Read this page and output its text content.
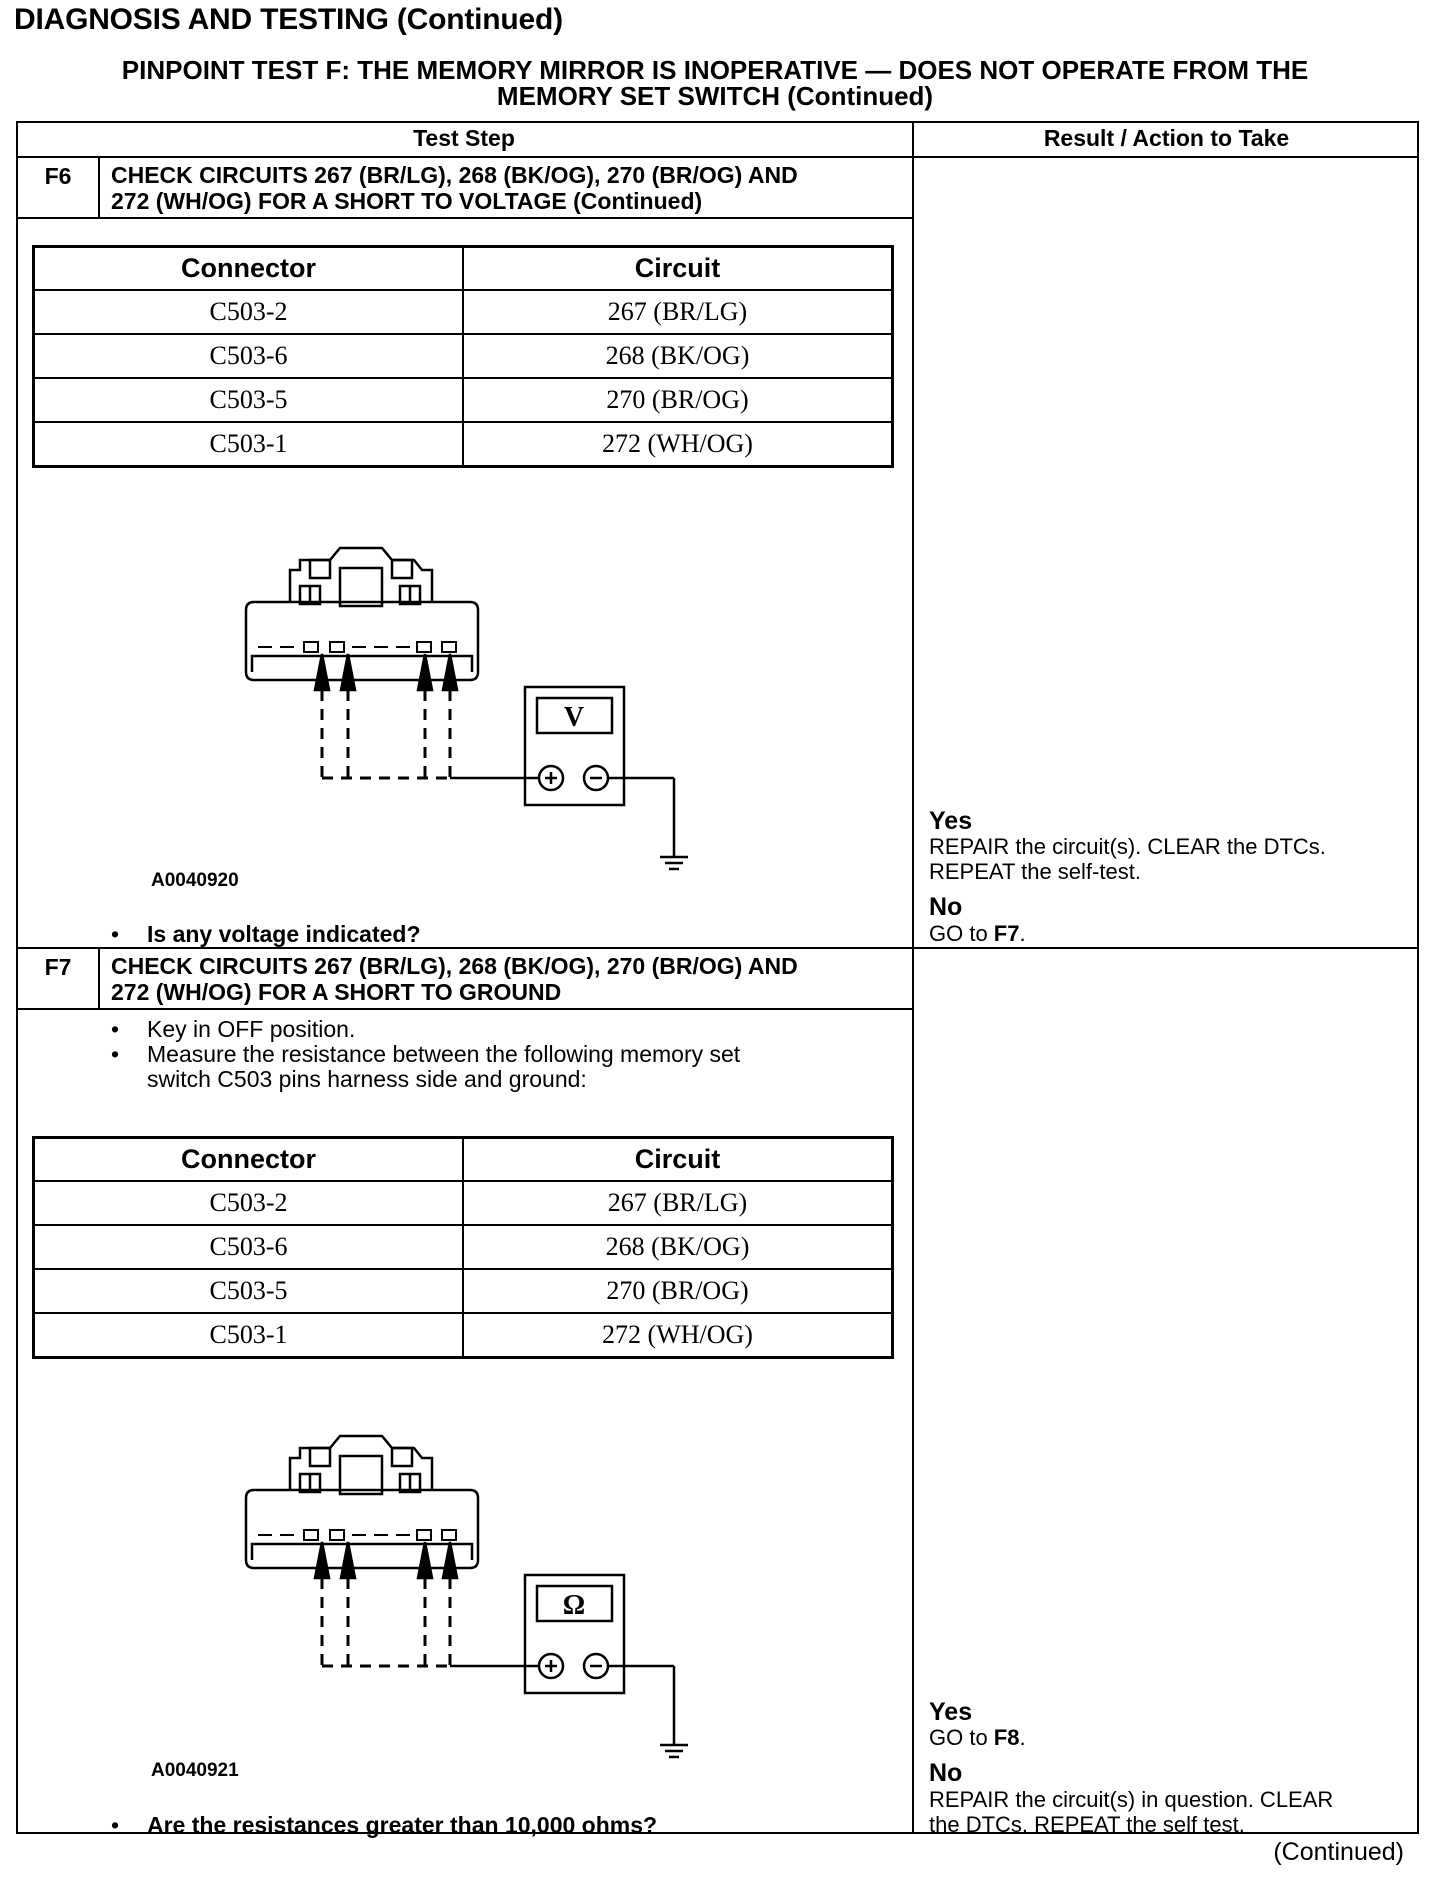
DIAGNOSIS AND TESTING (Continued)
PINPOINT TEST F: THE MEMORY MIRROR IS INOPERATIVE — DOES NOT OPERATE FROM THE
MEMORY SET SWITCH (Continued)
Test Step	Result / Action to Take
F6	CHECK CIRCUITS 267 (BR/LG), 268 (BK/OG), 270 (BR/OG) AND
272 (WH/OG) FOR A SHORT TO VOLTAGE (Continued)
Connector	Circuit
C503-2	267 (BR/LG)
C503-6	268 (BK/OG)
C503-5	270 (BR/OG)
C503-1	272 (WH/OG)
V
A0040920
• Is any voltage indicated?
Yes
REPAIR the circuit(s). CLEAR the DTCs.
REPEAT the self-test.
No
GO to F7.
F7	CHECK CIRCUITS 267 (BR/LG), 268 (BK/OG), 270 (BR/OG) AND
272 (WH/OG) FOR A SHORT TO GROUND
• Key in OFF position.
• Measure the resistance between the following memory set
switch C503 pins harness side and ground:
Connector	Circuit
C503-2	267 (BR/LG)
C503-6	268 (BK/OG)
C503-5	270 (BR/OG)
C503-1	272 (WH/OG)
Ω
A0040921
• Are the resistances greater than 10,000 ohms?
Yes
GO to F8.
No
REPAIR the circuit(s) in question. CLEAR
the DTCs. REPEAT the self test.
(Continued)
